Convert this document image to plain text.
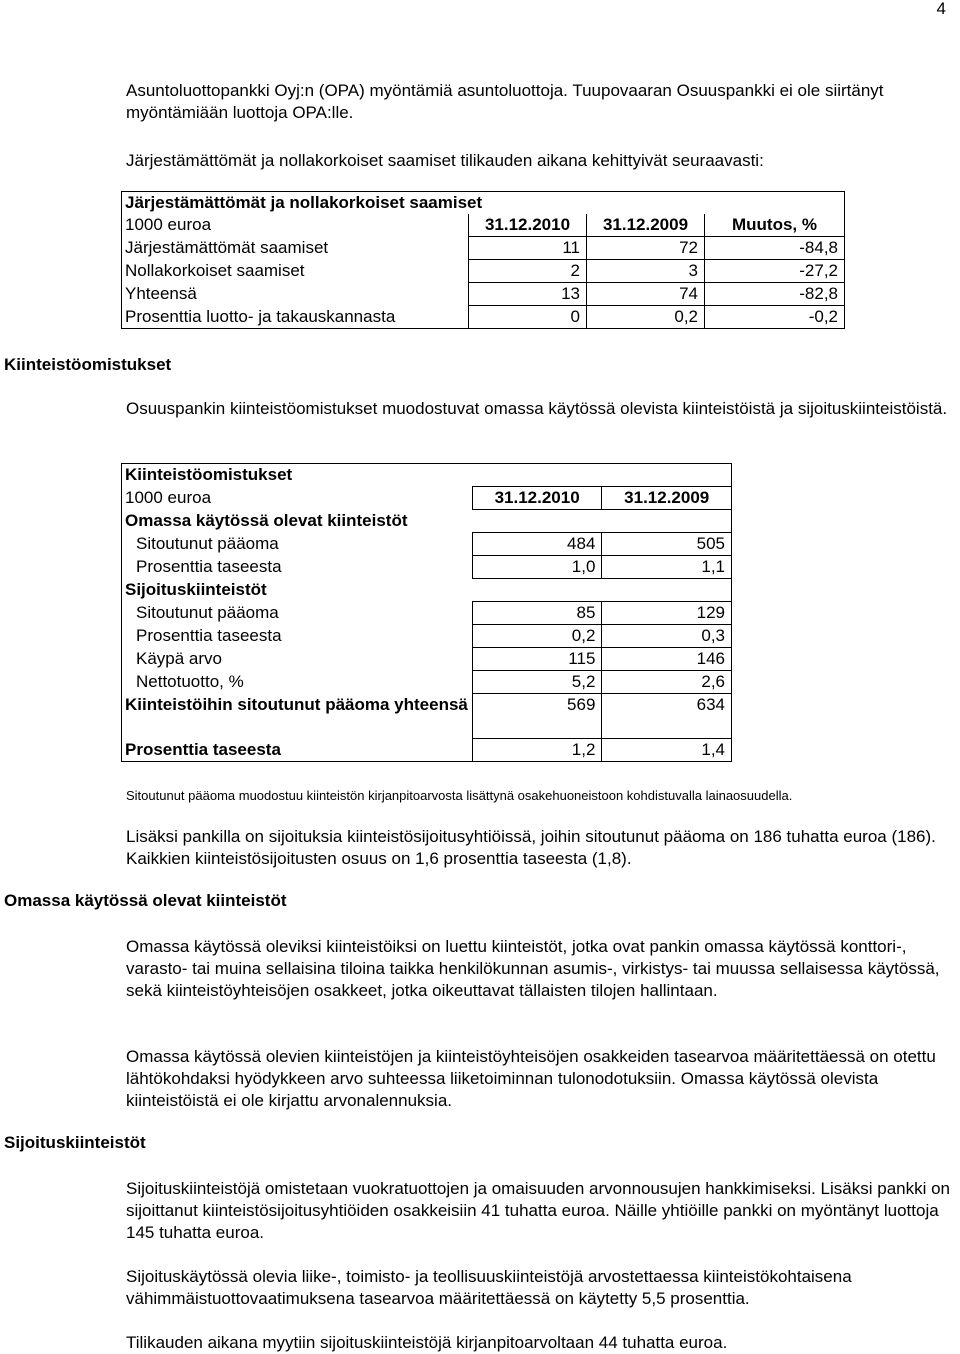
4
Asuntoluottopankki Oyj:n (OPA) myöntämiä asuntoluottoja. Tuupovaaran Osuuspankki ei ole siirtänyt myöntämiään luottoja OPA:lle.
Järjestämättömät ja nollakorkoiset saamiset tilikauden aikana kehittyivät seuraavasti:
Järjestämättömät ja nollakorkoiset saamiset			
1000 euroa	31.12.2010	31.12.2009	Muutos, %
Järjestämättömät saamiset	11	72	-84,8
Nollakorkoiset saamiset	2	3	-27,2
Yhteensä	13	74	-82,8
Prosenttia luotto- ja takauskannasta	0	0,2	-0,2
Kiinteistöomistukset
Osuuspankin kiinteistöomistukset muodostuvat omassa käytössä olevista kiinteistöistä ja sijoituskiinteistöistä.
Kiinteistöomistukset		
1000 euroa	31.12.2010	31.12.2009
Omassa käytössä olevat kiinteistöt		
Sitoutunut pääoma	484	505
Prosenttia taseesta	1,0	1,1
Sijoituskiinteistöt		
Sitoutunut pääoma	85	129
Prosenttia taseesta	0,2	0,3
Käypä arvo	115	146
Nettotuotto, %	5,2	2,6
Kiinteistöihin sitoutunut pääoma yhteensä	569	634
Prosenttia taseesta	1,2	1,4
Sitoutunut pääoma muodostuu kiinteistön kirjanpitoarvosta lisättynä osakehuoneistoon kohdistuvalla lainaosuudella.
Lisäksi pankilla on sijoituksia kiinteistösijoitusyhtiöissä, joihin sitoutunut pääoma on 186 tuhatta euroa (186). Kaikkien kiinteistösijoitusten osuus on 1,6 prosenttia taseesta (1,8).
Omassa käytössä olevat kiinteistöt
Omassa käytössä oleviksi kiinteistöiksi on luettu kiinteistöt, jotka ovat pankin omassa käytössä konttori-, varasto- tai muina sellaisina tiloina taikka henkilökunnan asumis-, virkistys- tai muussa sellaisessa käytössä, sekä kiinteistöyhteisöjen osakkeet, jotka oikeuttavat tällaisten tilojen hallintaan.
Omassa käytössä olevien kiinteistöjen ja kiinteistöyhteisöjen osakkeiden tasearvoa määritettäessä on otettu lähtökohdaksi hyödykkeen arvo suhteessa liiketoiminnan tulonodotuksiin. Omassa käytössä olevista kiinteistöistä ei ole kirjattu arvonalennuksia.
Sijoituskiinteistöt
Sijoituskiinteistöjä omistetaan vuokratuottojen ja omaisuuden arvonnousujen hankkimiseksi. Lisäksi pankki on sijoittanut kiinteistösijoitusyhtiöiden osakkeisiin 41 tuhatta euroa. Näille yhtiöille pankki on myöntänyt luottoja 145 tuhatta euroa.
Sijoituskäytössä olevia liike-, toimisto- ja teollisuuskiinteistöjä arvostettaessa kiinteistökohtaisena vähimmäistuottovaatimuksena tasearvoa määritettäessä on käytetty 5,5 prosenttia.
Tilikauden aikana myytiin sijoituskiinteistöjä kirjanpitoarvoltaan 44 tuhatta euroa.
